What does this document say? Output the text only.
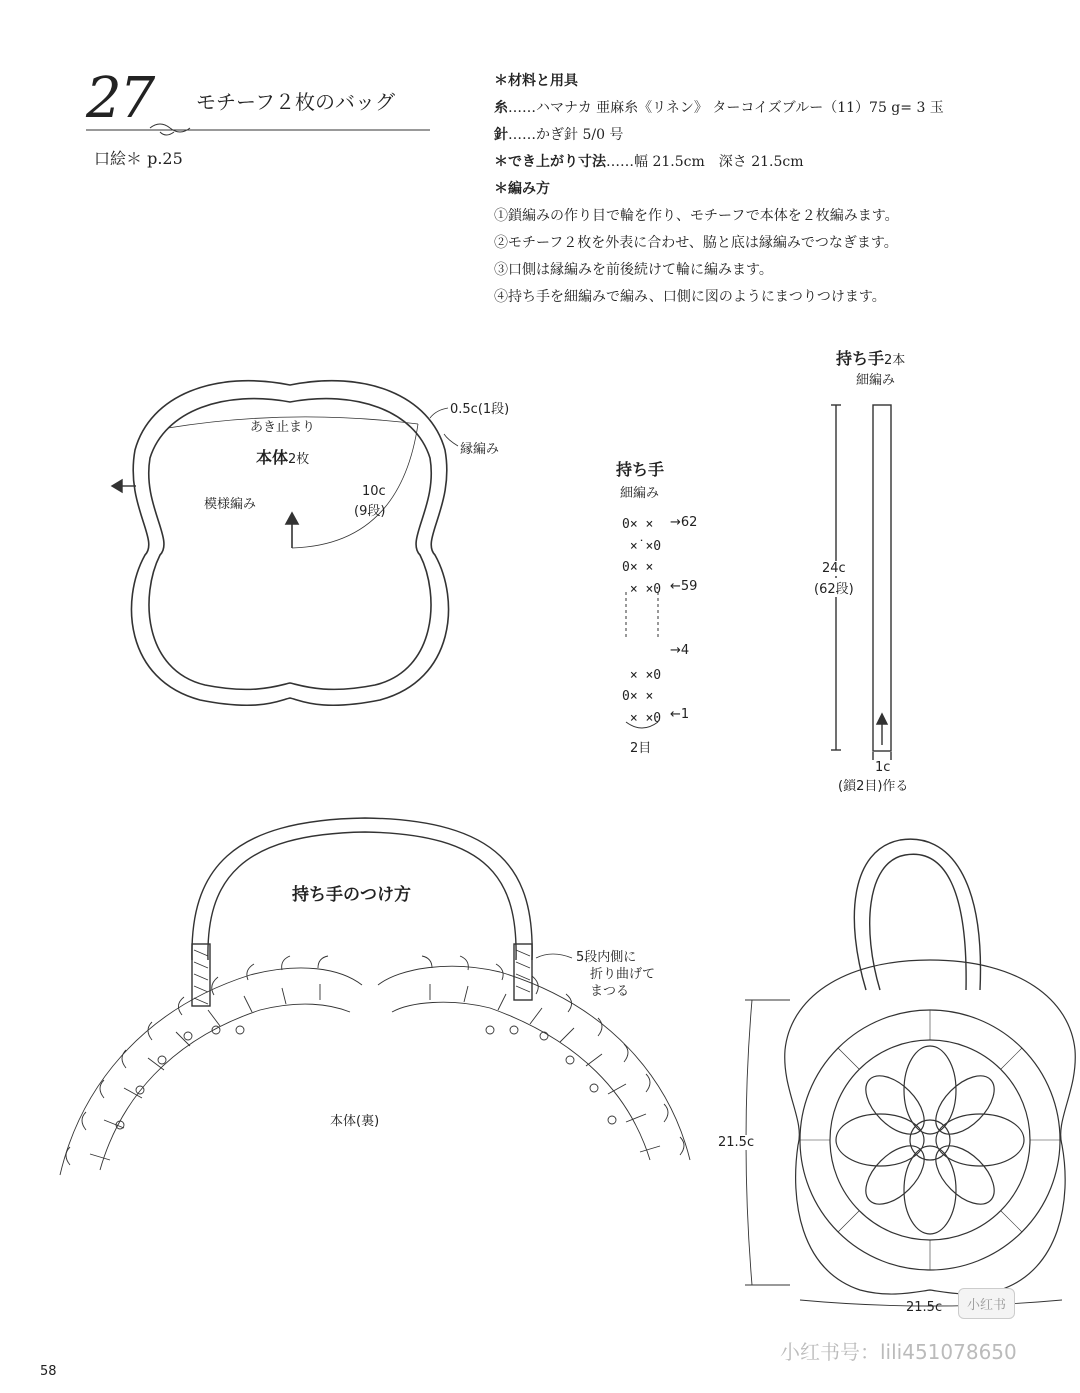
27 モチーフ２枚のバッグ
口絵＊ p.25
＊材料と用具
糸……ハマナカ 亜麻糸《リネン》 ターコイズブルー（11）75 g= 3 玉
針……かぎ針 5/0 号
＊でき上がり寸法……幅 21.5cm　深さ 21.5cm
＊編み方
①鎖編みの作り目で輪を作り、モチーフで本体を２枚編みます。
②モチーフ２枚を外表に合わせ、脇と底は縁編みでつなぎます。
③口側は縁編みを前後続けて輪に編みます。
④持ち手を細編みで編み、口側に図のようにまつりつけます。
あき止まり
本体2枚
0.5c(1段)
縁編み
模様編み
10c
(9段)
持ち手
細編み
0× ×
×˙×0
0× ×
× ×0

× ×0
0× ×
× ×0
→62
←59
→4
←1
2目
持ち手2本
細編み
24c
(62段)
1c
(鎖2目)作る
持ち手のつけ方
5段内側に
折り曲げて
まつる
本体(裏)
21.5c
21.5c
58
小红书
小红书号：lili451078650
